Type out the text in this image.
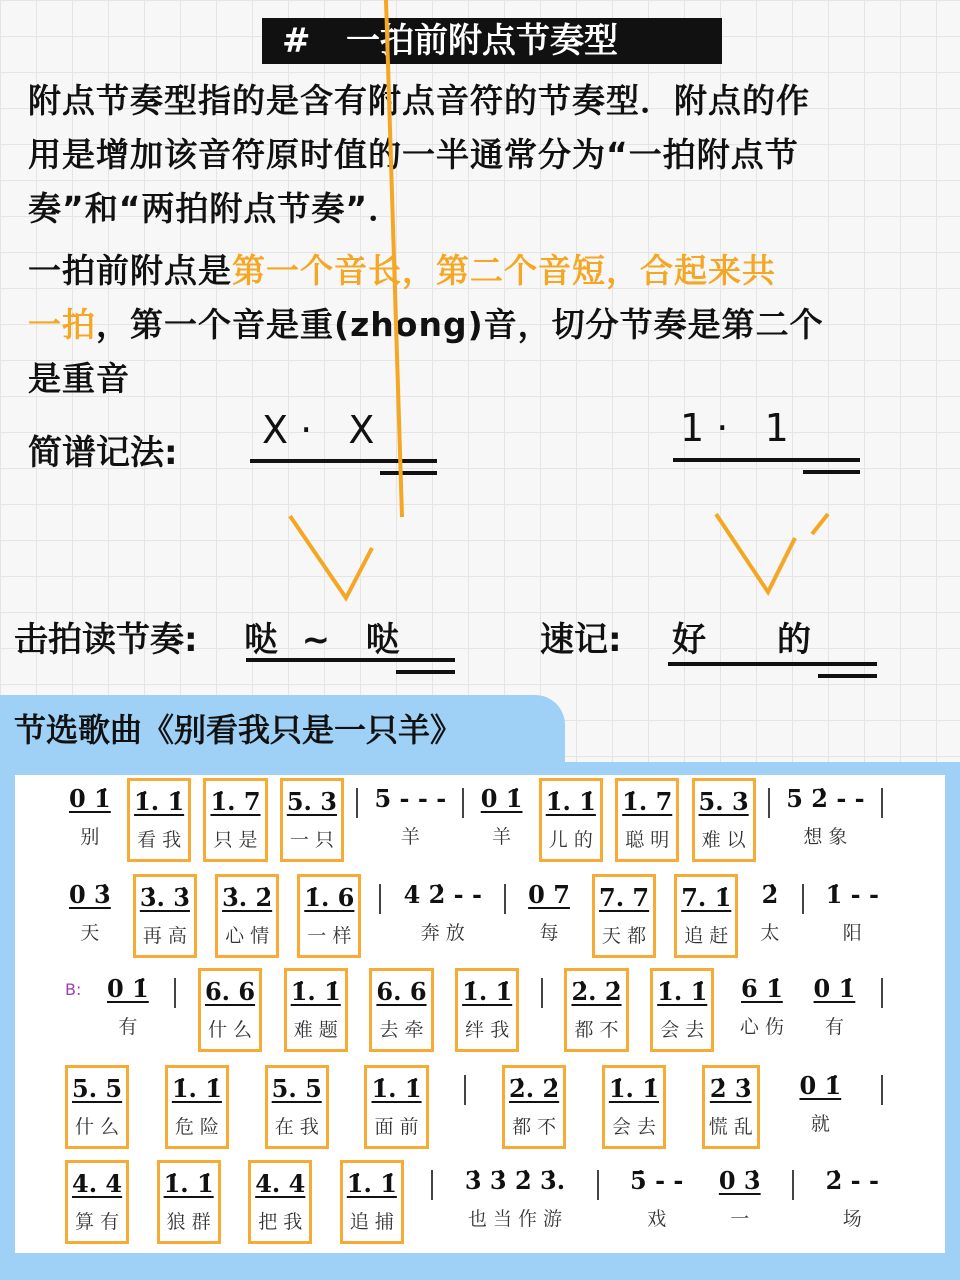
#   一拍前附点节奏型
附点节奏型指的是含有附点音符的节奏型．附点的作
用是增加该音符原时值的一半通常分为“一拍附点节
奏”和“两拍附点节奏”．
一拍前附点是第一个音长，第二个音短，合起来共
一拍，第一个音是重(zhong)音，切分节奏是第二个
是重音
简谱记法:
X ·   X	1 ·   1
击拍读节奏: 哒  ~   哒	速记: 好      的
节选歌曲《别看我只是一只羊》
0 1̇
别
1̇. 1̇
看 我
1̇. 7
只 是
5. 3
一 只
5 - - -
羊
0 1̇
羊
1̇. 1̇
儿 的
1̇. 7
聪 明
5. 3
难 以
5 2̇ - -
想 象
0 3̇
天
3̇. 3̇
再 高
3̇. 2̇
心 情
1̇. 6
一 样
4 2̇ - -
奔 放
0 7
每
7. 7
天 都
7. 1̇
追 赶
2̇
太
1̇ - -
阳
B: 0 1̇
有
6. 6
什 么
1̇. 1̇
难 题
6. 6
去 牵
1̇. 1̇
绊 我
2̇. 2̇
都 不
1̇. 1̇
会 去
6 1̇
心 伤
0 1̇
有
5. 5
什 么
1̇. 1̇
危 险
5. 5
在 我
1̇. 1̇
面 前
2̇. 2̇
都 不
1̇. 1̇
会 去
2̇ 3̇
慌 乱
0 1̇
就
4. 4
算 有
1̇. 1̇
狼 群
4. 4
把 我
1̇. 1̇
追 捕
3̇ 3̇ 2̇ 3̇.
也 当 作 游
5̇ - -
戏
0 3̇
一
2̇ - -
场
